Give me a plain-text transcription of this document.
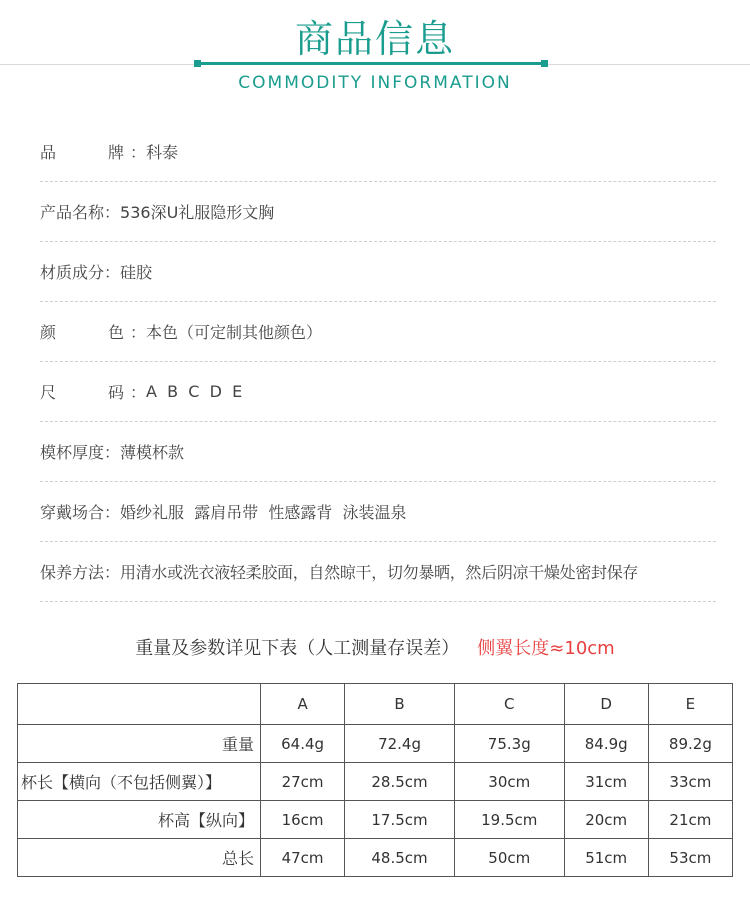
商品信息
COMMODITY INFORMATION
品	牌 ： 科泰
产品名称 ： 536深U礼服隐形文胸
材质成分 ： 硅胶
颜	色 ： 本色（可定制其他颜色）
尺	码 ： A  B  C  D  E
模杯厚度 ： 薄模杯款
穿戴场合 ： 婚纱礼服  露肩吊带  性感露背  泳装温泉
保养方法 ： 用清水或洗衣液轻柔胶面，自然晾干，切勿暴晒，然后阴凉干燥处密封保存
重量及参数详见下表（人工测量存误差） 侧翼长度≈10cm
	A	B	C	D	E
重量	64.4g	72.4g	75.3g	84.9g	89.2g
杯长【横向（不包括侧翼）】	27cm	28.5cm	30cm	31cm	33cm
杯高【纵向】	16cm	17.5cm	19.5cm	20cm	21cm
总长	47cm	48.5cm	50cm	51cm	53cm
